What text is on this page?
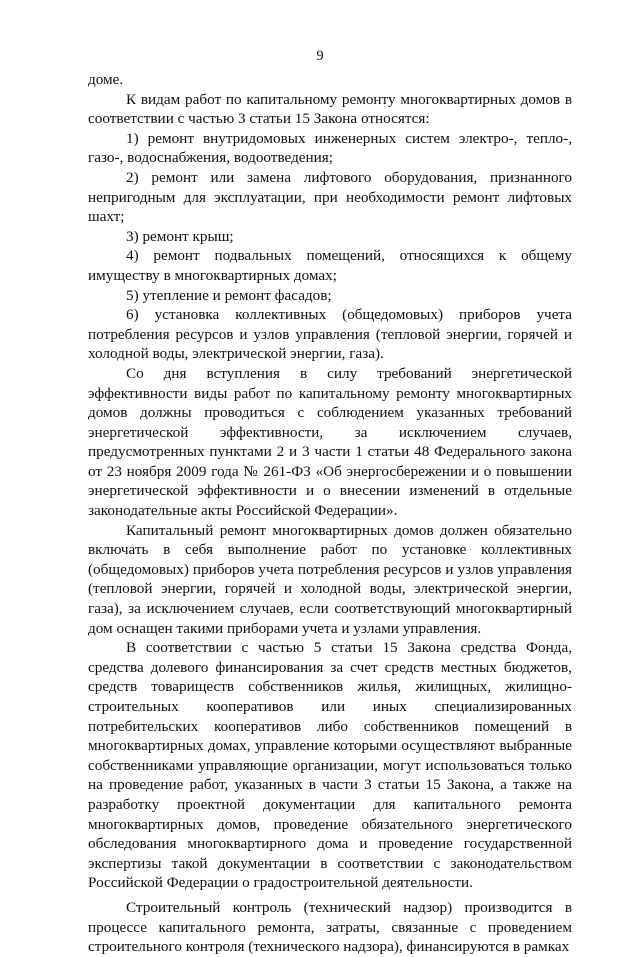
9

доме.

К видам работ по капитальному ремонту многоквартирных домов в соответствии с частью 3 статьи 15 Закона относятся:

1) ремонт внутридомовых инженерных систем электро-, тепло-, газо-, водоснабжения, водоотведения;

2) ремонт или замена лифтового оборудования, признанного непригодным для эксплуатации, при необходимости ремонт лифтовых шахт;

3) ремонт крыш;

4) ремонт подвальных помещений, относящихся к общему имуществу в многоквартирных домах;

5) утепление и ремонт фасадов;

6) установка коллективных (общедомовых) приборов учета потребления ресурсов и узлов управления (тепловой энергии, горячей и холодной воды, электрической энергии, газа).

Со дня вступления в силу требований энергетической эффективности виды работ по капитальному ремонту многоквартирных домов должны проводиться с соблюдением указанных требований энергетической эффективности, за исключением случаев, предусмотренных пунктами 2 и 3 части 1 статьи 48 Федерального закона от 23 ноября 2009 года № 261-ФЗ «Об энергосбережении и о повышении энергетической эффективности и о внесении изменений в отдельные законодательные акты Российской Федерации».

Капитальный ремонт многоквартирных домов должен обязательно включать в себя выполнение работ по установке коллективных (общедомовых) приборов учета потребления ресурсов и узлов управления (тепловой энергии, горячей и холодной воды, электрической энергии, газа), за исключением случаев, если соответствующий многоквартирный дом оснащен такими приборами учета и узлами управления.

В соответствии с частью 5 статьи 15 Закона средства Фонда, средства долевого финансирования за счет средств местных бюджетов, средств товариществ собственников жилья, жилищных, жилищно-строительных кооперативов или иных специализированных потребительских кооперативов либо собственников помещений в многоквартирных домах, управление которыми осуществляют выбранные собственниками управляющие организации, могут использоваться только на проведение работ, указанных в части 3 статьи 15 Закона, а также на разработку проектной документации для капитального ремонта многоквартирных домов, проведение обязательного энергетического обследования многоквартирного дома и проведение государственной экспертизы такой документации в соответствии с законодательством Российской Федерации о градостроительной деятельности.

Строительный контроль (технический надзор) производится в процессе капитального ремонта, затраты, связанные с проведением строительного контроля (технического надзора), финансируются в рамках
